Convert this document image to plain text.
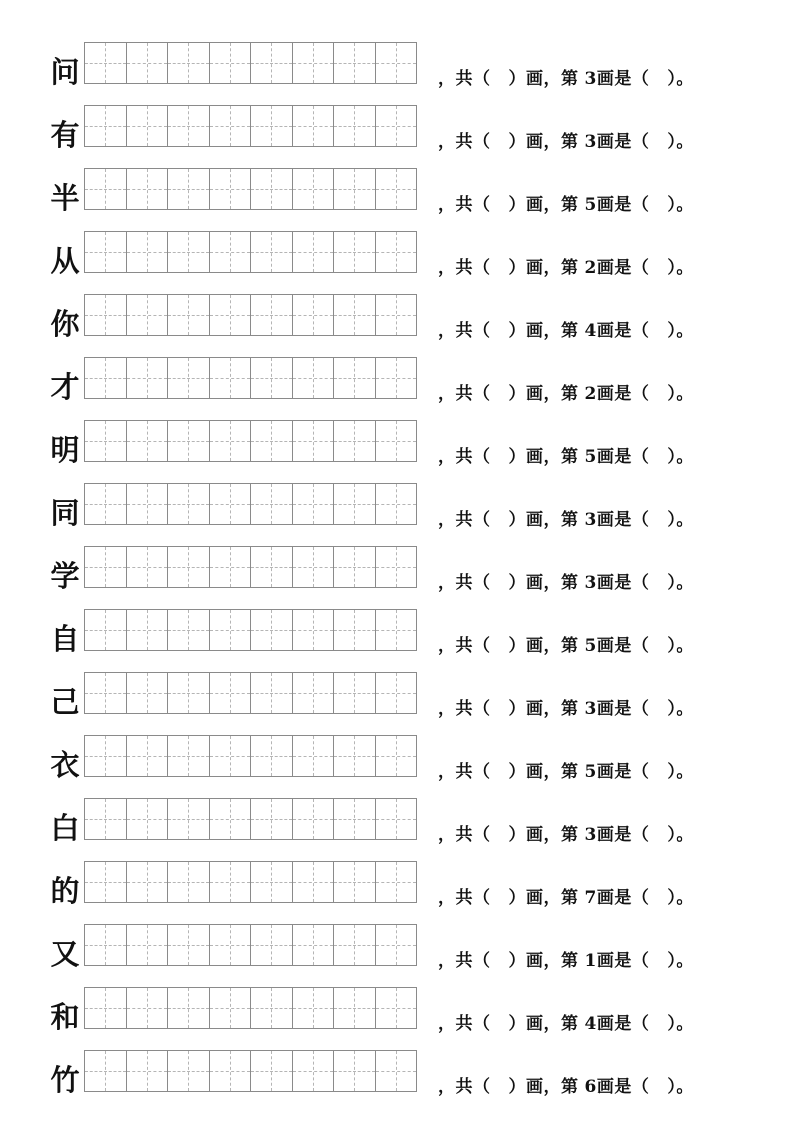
问	，共（ ）画，第 3画是（ ）。
有	，共（ ）画，第 3画是（ ）。
半	，共（ ）画，第 5画是（ ）。
从	，共（ ）画，第 2画是（ ）。
你	，共（ ）画，第 4画是（ ）。
才	，共（ ）画，第 2画是（ ）。
明	，共（ ）画，第 5画是（ ）。
同	，共（ ）画，第 3画是（ ）。
学	，共（ ）画，第 3画是（ ）。
自	，共（ ）画，第 5画是（ ）。
己	，共（ ）画，第 3画是（ ）。
衣	，共（ ）画，第 5画是（ ）。
白	，共（ ）画，第 3画是（ ）。
的	，共（ ）画，第 7画是（ ）。
又	，共（ ）画，第 1画是（ ）。
和	，共（ ）画，第 4画是（ ）。
竹	，共（ ）画，第 6画是（ ）。
